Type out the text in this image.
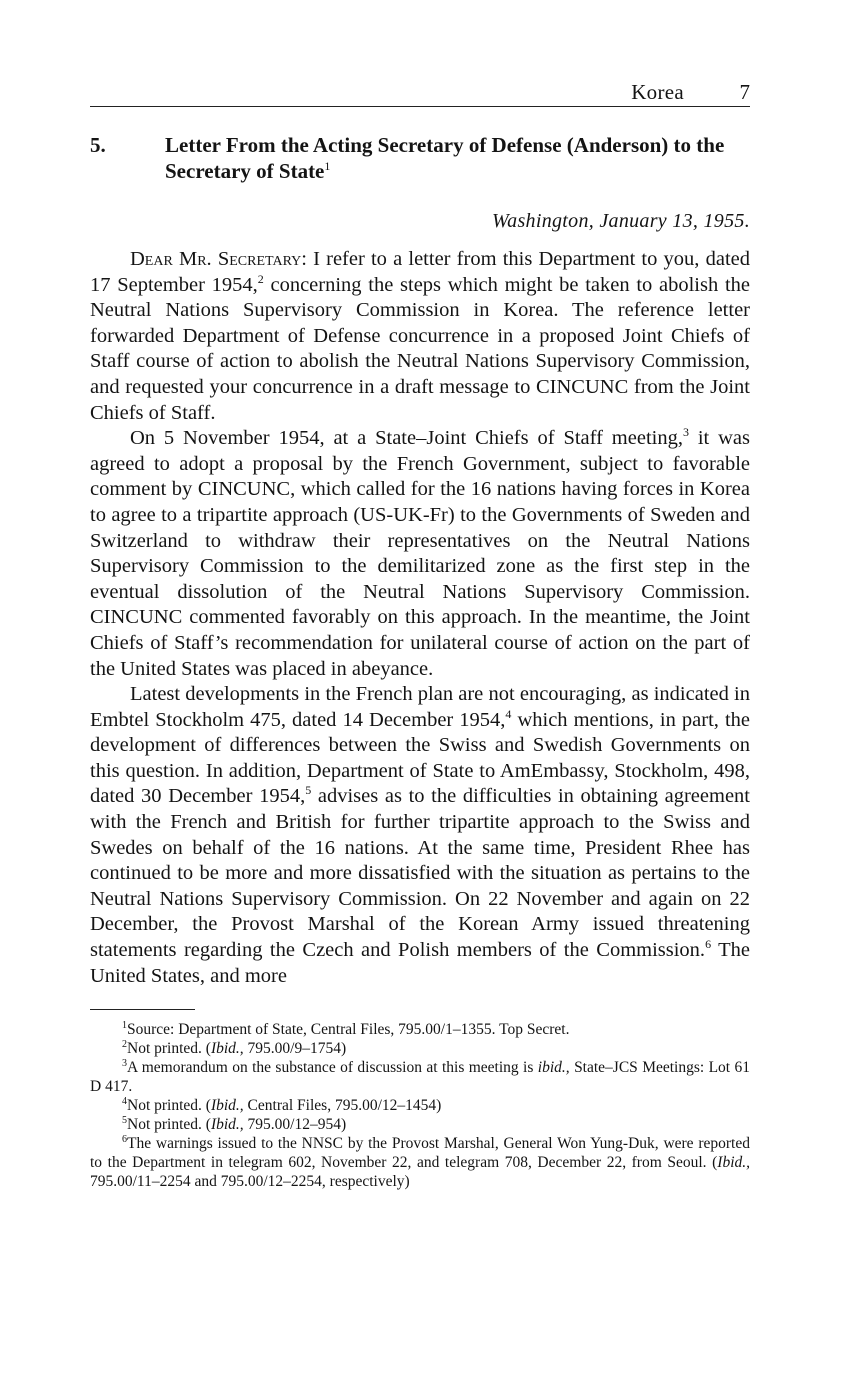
Korea	7
5.	Letter From the Acting Secretary of Defense (Anderson) to the Secretary of State$^1$
Washington, January 13, 1955.

Dear Mr. Secretary: I refer to a letter from this Department to you, dated 17 September 1954,$^2$ concerning the steps which might be taken to abolish the Neutral Nations Supervisory Commission in Korea. The reference letter forwarded Department of Defense concurrence in a proposed Joint Chiefs of Staff course of action to abolish the Neutral Nations Supervisory Commission, and requested your concurrence in a draft message to CINCUNC from the Joint Chiefs of Staff.

On 5 November 1954, at a State–Joint Chiefs of Staff meeting,$^3$ it was agreed to adopt a proposal by the French Government, subject to favorable comment by CINCUNC, which called for the 16 nations having forces in Korea to agree to a tripartite approach (US-UK-Fr) to the Governments of Sweden and Switzerland to withdraw their representatives on the Neutral Nations Supervisory Commission to the demilitarized zone as the first step in the eventual dissolution of the Neutral Nations Supervisory Commission. CINCUNC commented favorably on this approach. In the meantime, the Joint Chiefs of Staff’s recommendation for unilateral course of action on the part of the United States was placed in abeyance.

Latest developments in the French plan are not encouraging, as indicated in Embtel Stockholm 475, dated 14 December 1954,$^4$ which mentions, in part, the development of differences between the Swiss and Swedish Governments on this question. In addition, Department of State to AmEmbassy, Stockholm, 498, dated 30 December 1954,$^5$ advises as to the difficulties in obtaining agreement with the French and British for further tripartite approach to the Swiss and Swedes on behalf of the 16 nations. At the same time, President Rhee has continued to be more and more dissatisfied with the situation as pertains to the Neutral Nations Supervisory Commission. On 22 November and again on 22 December, the Provost Marshal of the Korean Army issued threatening statements regarding the Czech and Polish members of the Commission.$^6$ The United States, and more

$^1$Source: Department of State, Central Files, 795.00/1–1355. Top Secret.

$^2$Not printed. (Ibid., 795.00/9–1754)

$^3$A memorandum on the substance of discussion at this meeting is ibid., State–JCS Meetings: Lot 61 D 417.

$^4$Not printed. (Ibid., Central Files, 795.00/12–1454)

$^5$Not printed. (Ibid., 795.00/12–954)

$^6$The warnings issued to the NNSC by the Provost Marshal, General Won Yung-Duk, were reported to the Department in telegram 602, November 22, and telegram 708, December 22, from Seoul. (Ibid., 795.00/11–2254 and 795.00/12–2254, respectively)
